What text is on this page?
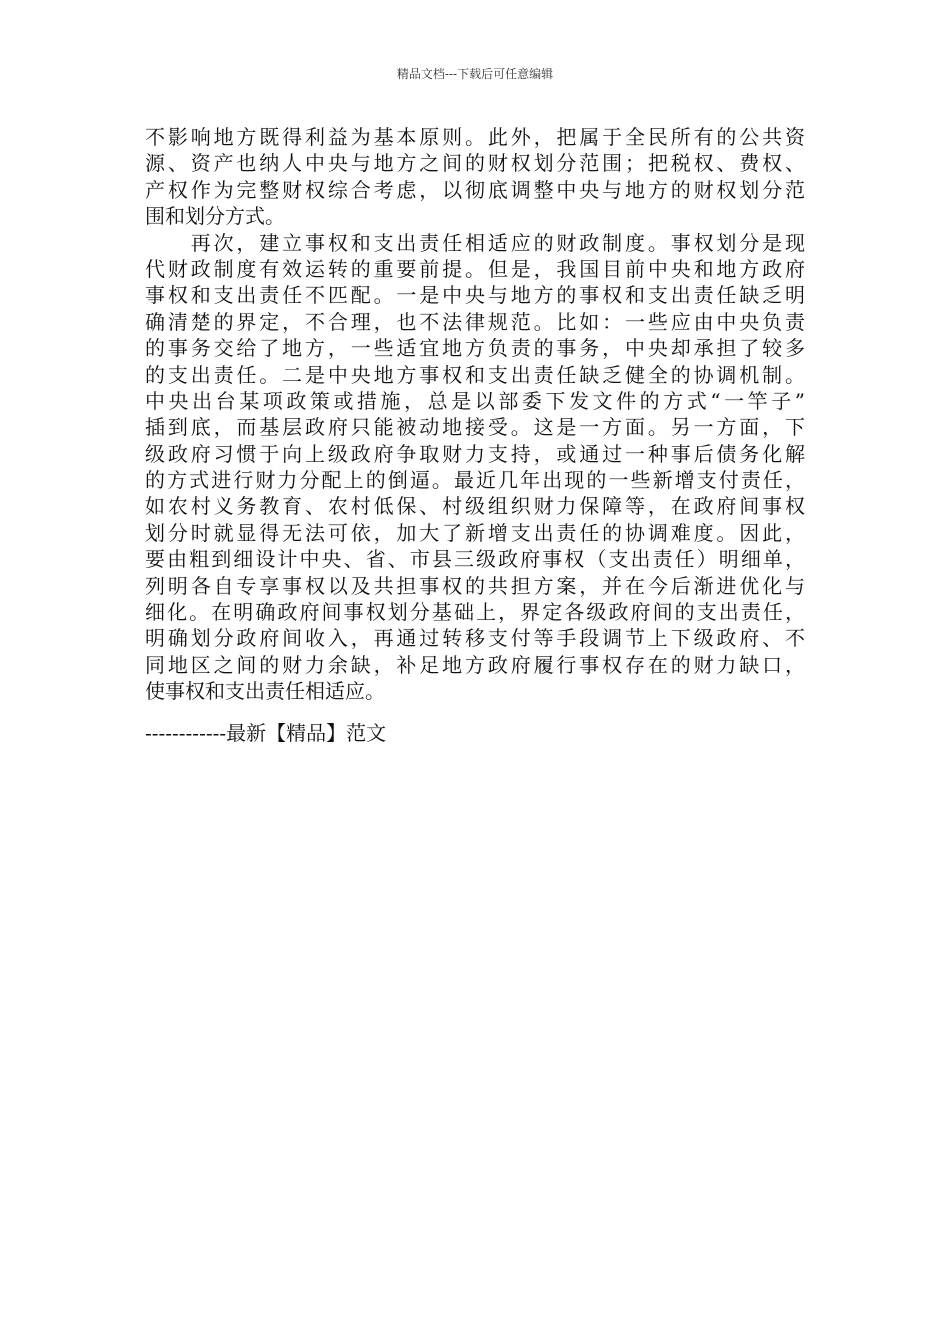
精品文档---下载后可任意编辑
不影响地方既得利益为基本原则。此外，把属于全民所有的公共资
源、资产也纳人中央与地方之间的财权划分范围；把税权、费权、
产权作为完整财权综合考虑，以彻底调整中央与地方的财权划分范
围和划分方式。
　　再次，建立事权和支出责任相适应的财政制度。事权划分是现
代财政制度有效运转的重要前提。但是，我国目前中央和地方政府
事权和支出责任不匹配。一是中央与地方的事权和支出责任缺乏明
确清楚的界定，不合理，也不法律规范。比如：一些应由中央负责
的事务交给了地方，一些适宜地方负责的事务，中央却承担了较多
的支出责任。二是中央地方事权和支出责任缺乏健全的协调机制。
中央出台某项政策或措施，总是以部委下发文件的方式“一竿子”
插到底，而基层政府只能被动地接受。这是一方面。另一方面，下
级政府习惯于向上级政府争取财力支持，或通过一种事后债务化解
的方式进行财力分配上的倒逼。最近几年出现的一些新增支付责任，
如农村义务教育、农村低保、村级组织财力保障等，在政府间事权
划分时就显得无法可依，加大了新增支出责任的协调难度。因此，
要由粗到细设计中央、省、市县三级政府事权（支出责任）明细单，
列明各自专享事权以及共担事权的共担方案，并在今后渐进优化与
细化。在明确政府间事权划分基础上，界定各级政府间的支出责任，
明确划分政府间收入，再通过转移支付等手段调节上下级政府、不
同地区之间的财力余缺，补足地方政府履行事权存在的财力缺口，
使事权和支出责任相适应。
------------最新【精品】范文
